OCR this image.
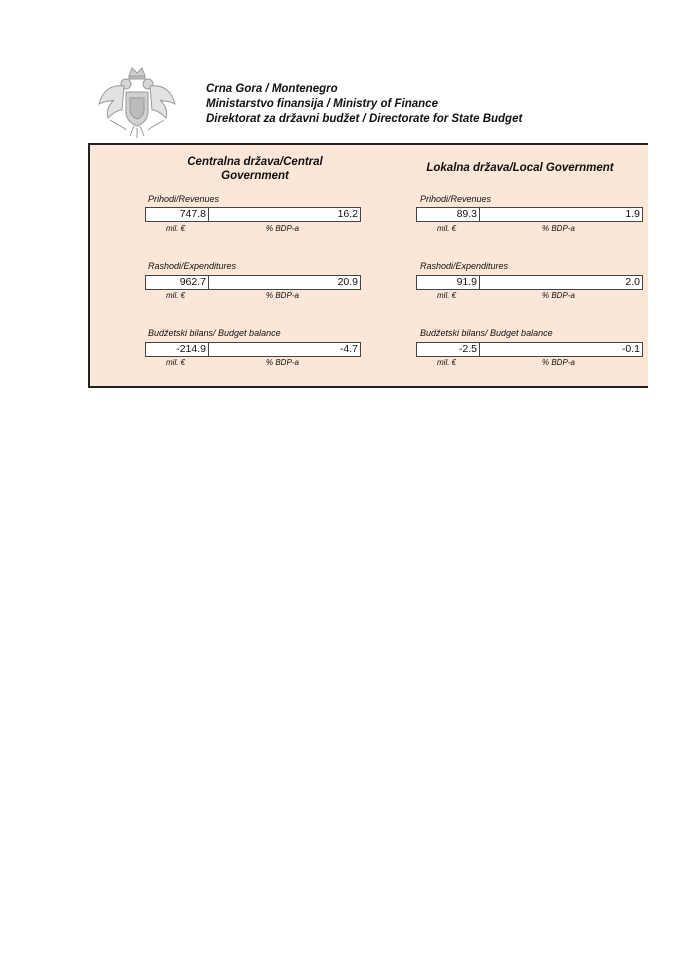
Crna Gora / Montenegro
Ministarstvo finansija / Ministry of Finance
Direktorat za državni budžet / Directorate for State Budget
Centralna država/Central
Government
Prihodi/Revenues
747.8	16.2
mil. €	% BDP-a
Rashodi/Expenditures
962.7	20.9
mil. €	% BDP-a
Budžetski bilans/ Budget balance
-214.9	-4.7
mil. €	% BDP-a
Lokalna država/Local Government
Prihodi/Revenues
89.3	1.9
mil. €	% BDP-a
Rashodi/Expenditures
91.9	2.0
mil. €	% BDP-a
Budžetski bilans/ Budget balance
-2.5	-0.1
mil. €	% BDP-a
